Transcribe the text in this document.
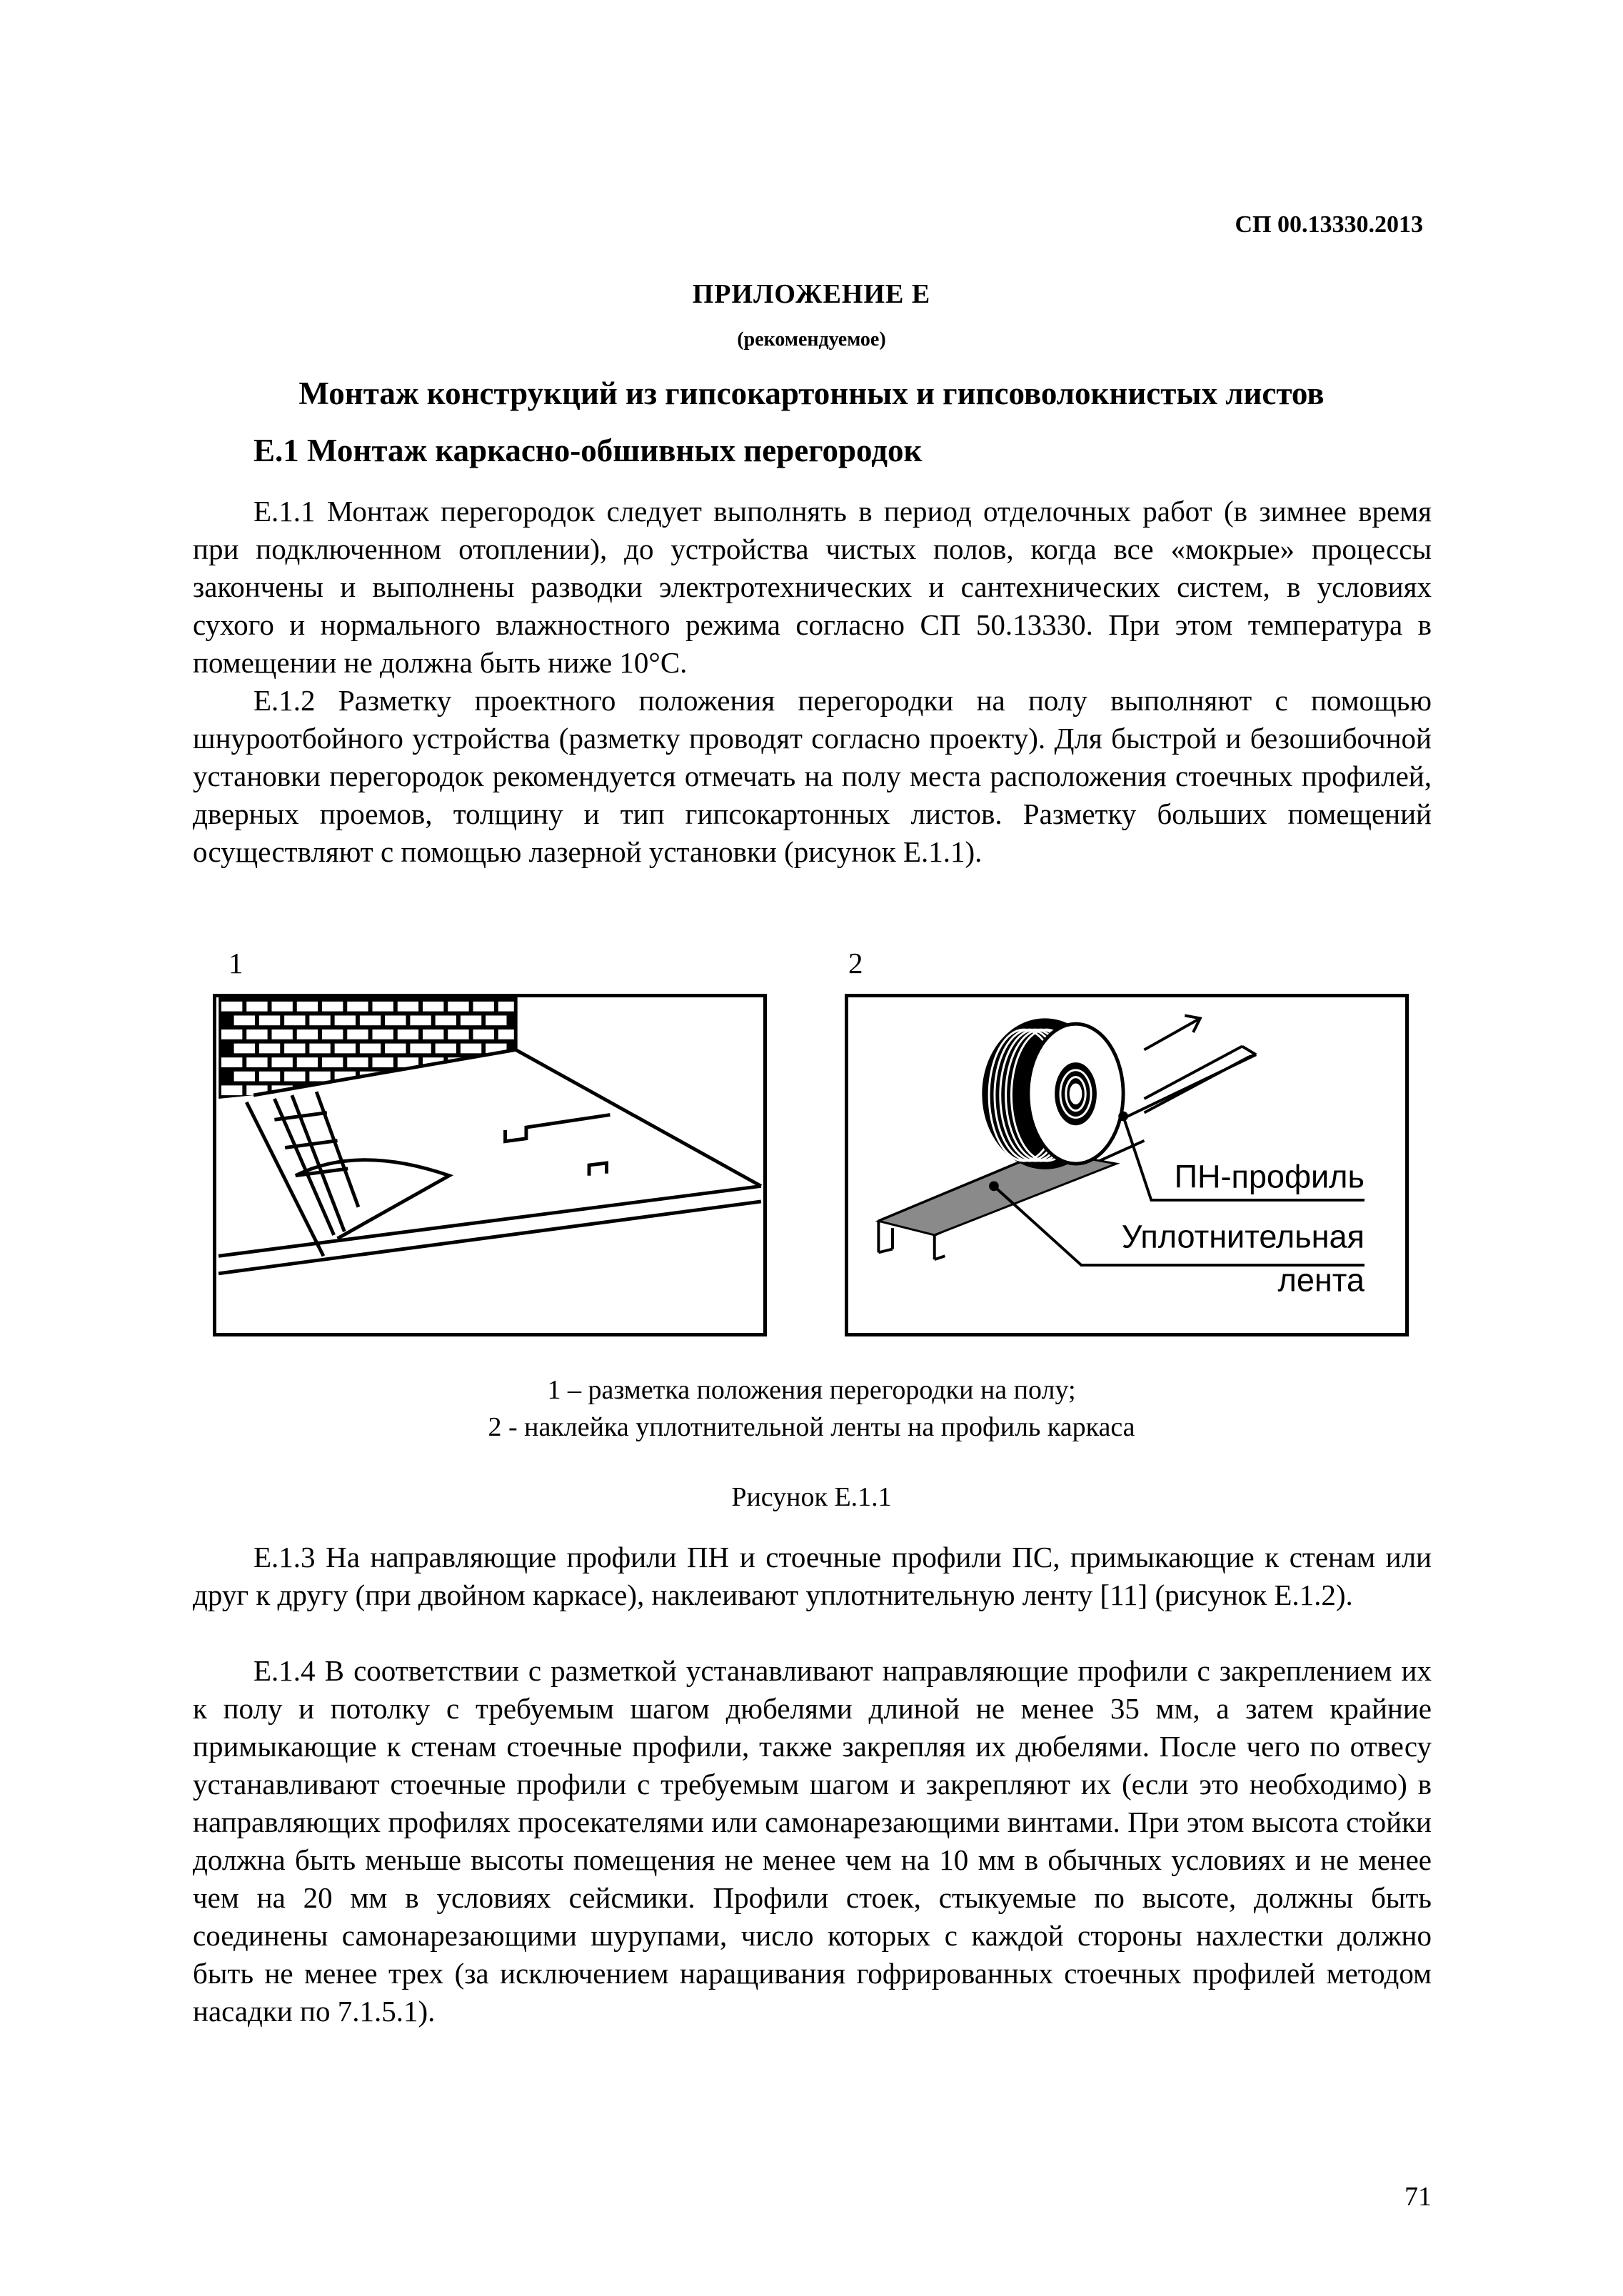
СП 00.13330.2013
ПРИЛОЖЕНИЕ Е
(рекомендуемое)
Монтаж конструкций из гипсокартонных и гипсоволокнистых листов
Е.1 Монтаж каркасно-обшивных перегородок
Е.1.1 Монтаж перегородок следует выполнять в период отделочных работ (в зимнее время при подключенном отоплении), до устройства чистых полов, когда все «мокрые» процессы закончены и выполнены разводки электротехнических и сантехнических систем, в условиях сухого и нормального влажностного режима согласно СП 50.13330. При этом температура в помещении не должна быть ниже 10°С.
Е.1.2 Разметку проектного положения перегородки на полу выполняют с помощью шнуроотбойного устройства (разметку проводят согласно проекту). Для быстрой и безошибочной установки перегородок рекомендуется отмечать на полу места расположения стоечных профилей, дверных проемов, толщину и тип гипсокартонных листов. Разметку больших помещений осуществляют с помощью лазерной установки (рисунок Е.1.1).
1	2
ПН-профиль
Уплотнительная
лента
1 – разметка положения перегородки на полу;
2 - наклейка уплотнительной ленты на профиль каркаса
Рисунок Е.1.1
Е.1.3 На направляющие профили ПН и стоечные профили ПС, примыкающие к стенам или друг к другу (при двойном каркасе), наклеивают уплотнительную ленту [11] (рисунок Е.1.2).
Е.1.4 В соответствии с разметкой устанавливают направляющие профили с закреплением их к полу и потолку с требуемым шагом дюбелями длиной не менее 35 мм, а затем крайние примыкающие к стенам стоечные профили, также закрепляя их дюбелями. После чего по отвесу устанавливают стоечные профили с требуемым шагом и закрепляют их (если это необходимо) в направляющих профилях просекателями или самонарезающими винтами. При этом высота стойки должна быть меньше высоты помещения не менее чем на 10 мм в обычных условиях и не менее чем на 20 мм в условиях сейсмики. Профили стоек, стыкуемые по высоте, должны быть соединены самонарезающими шурупами, число которых с каждой стороны нахлестки должно быть не менее трех (за исключением наращивания гофрированных стоечных профилей методом насадки по 7.1.5.1).
71
